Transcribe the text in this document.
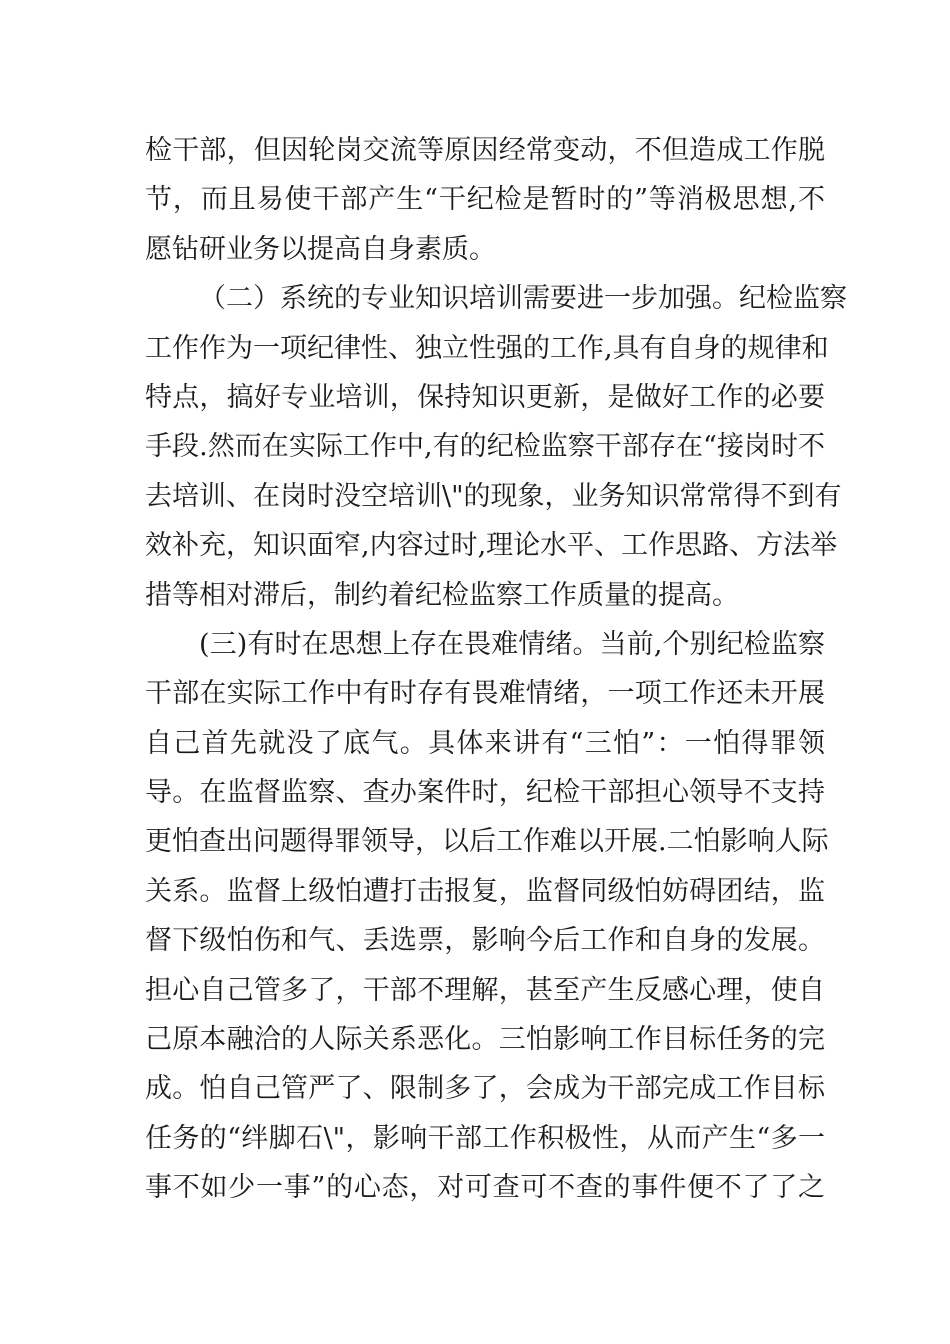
检干部，但因轮岗交流等原因经常变动，不但造成工作脱
节，而且易使干部产生“干纪检是暂时的”等消极思想,不
愿钻研业务以提高自身素质。
（二）系统的专业知识培训需要进一步加强。纪检监察
工作作为一项纪律性、独立性强的工作,具有自身的规律和
特点，搞好专业培训，保持知识更新，是做好工作的必要
手段.然而在实际工作中,有的纪检监察干部存在“接岗时不
去培训、在岗时没空培训\"的现象，业务知识常常得不到有
效补充，知识面窄,内容过时,理论水平、工作思路、方法举
措等相对滞后，制约着纪检监察工作质量的提高。
(三)有时在思想上存在畏难情绪。当前,个别纪检监察
干部在实际工作中有时存有畏难情绪，一项工作还未开展
自己首先就没了底气。具体来讲有“三怕”：一怕得罪领
导。在监督监察、查办案件时，纪检干部担心领导不支持
更怕查出问题得罪领导，以后工作难以开展.二怕影响人际
关系。监督上级怕遭打击报复，监督同级怕妨碍团结，监
督下级怕伤和气、丢选票，影响今后工作和自身的发展。
担心自己管多了，干部不理解，甚至产生反感心理，使自
己原本融洽的人际关系恶化。三怕影响工作目标任务的完
成。怕自己管严了、限制多了，会成为干部完成工作目标
任务的“绊脚石\"，影响干部工作积极性，从而产生“多一
事不如少一事”的心态，对可查可不查的事件便不了了之
